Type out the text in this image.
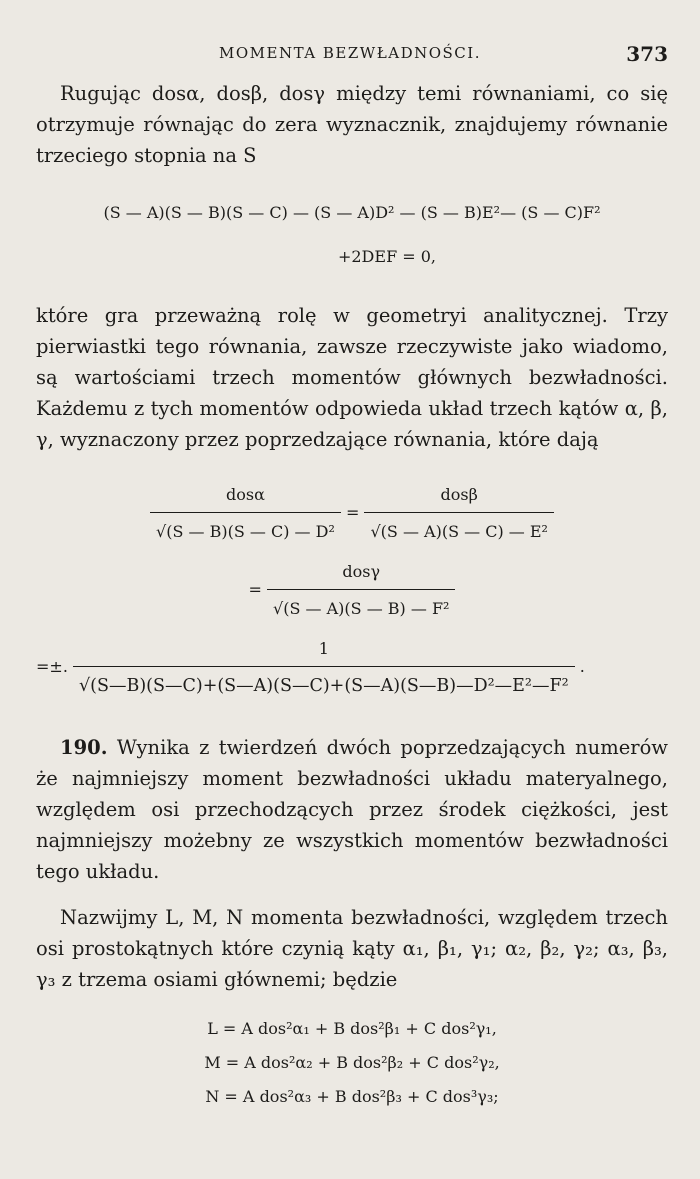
MOMENTA BEZWŁADNOŚCI.	373

Rugując dosα, dosβ, dosγ między temi równaniami, co się otrzymuje równając do zera wyznacznik, znajdujemy równanie trzeciego stopnia na S

(S — A)(S — B)(S — C) — (S — A)D² — (S — B)E²— (S — C)F²
+2DEF = 0,

które gra przeważną rolę w geometryi analitycznej. Trzy pierwiastki tego równania, zawsze rzeczywiste jako wiadomo, są wartościami trzech momentów głównych bezwładności. Każdemu z tych momentów odpowieda układ trzech kątów α, β, γ, wyznaczony przez poprzedzające równania, które dają

$\frac{\text{dosα}}{\text{√(S — B)(S — C) — D²}} = \frac{\text{dosβ}}{\text{√(S — A)(S — C) — E²}}$
= $\frac{\text{dosγ}}{\text{√(S — A)(S — B) — F²}}$
=±. $\frac{1}{\text{√(S—B)(S—C)+(S—A)(S—C)+(S—A)(S—B)—D²—E²—F²}}$ .

190. Wynika z twierdzeń dwóch poprzedzających numerów że najmniejszy moment bezwładności układu materyalnego, względem osi przechodzących przez środek ciężkości, jest najmniejszy możebny ze wszystkich momentów bezwładności tego układu.

Nazwijmy L, M, N momenta bezwładności, względem trzech osi prostokątnych które czynią kąty α₁, β₁, γ₁; α₂, β₂, γ₂; α₃, β₃, γ₃ z trzema osiami głównemi; będzie

L = A dos²α₁ + B dos²β₁ + C dos²γ₁,
M = A dos²α₂ + B dos²β₂ + C dos²γ₂,
N = A dos²α₃ + B dos²β₃ + C dos³γ₃;
